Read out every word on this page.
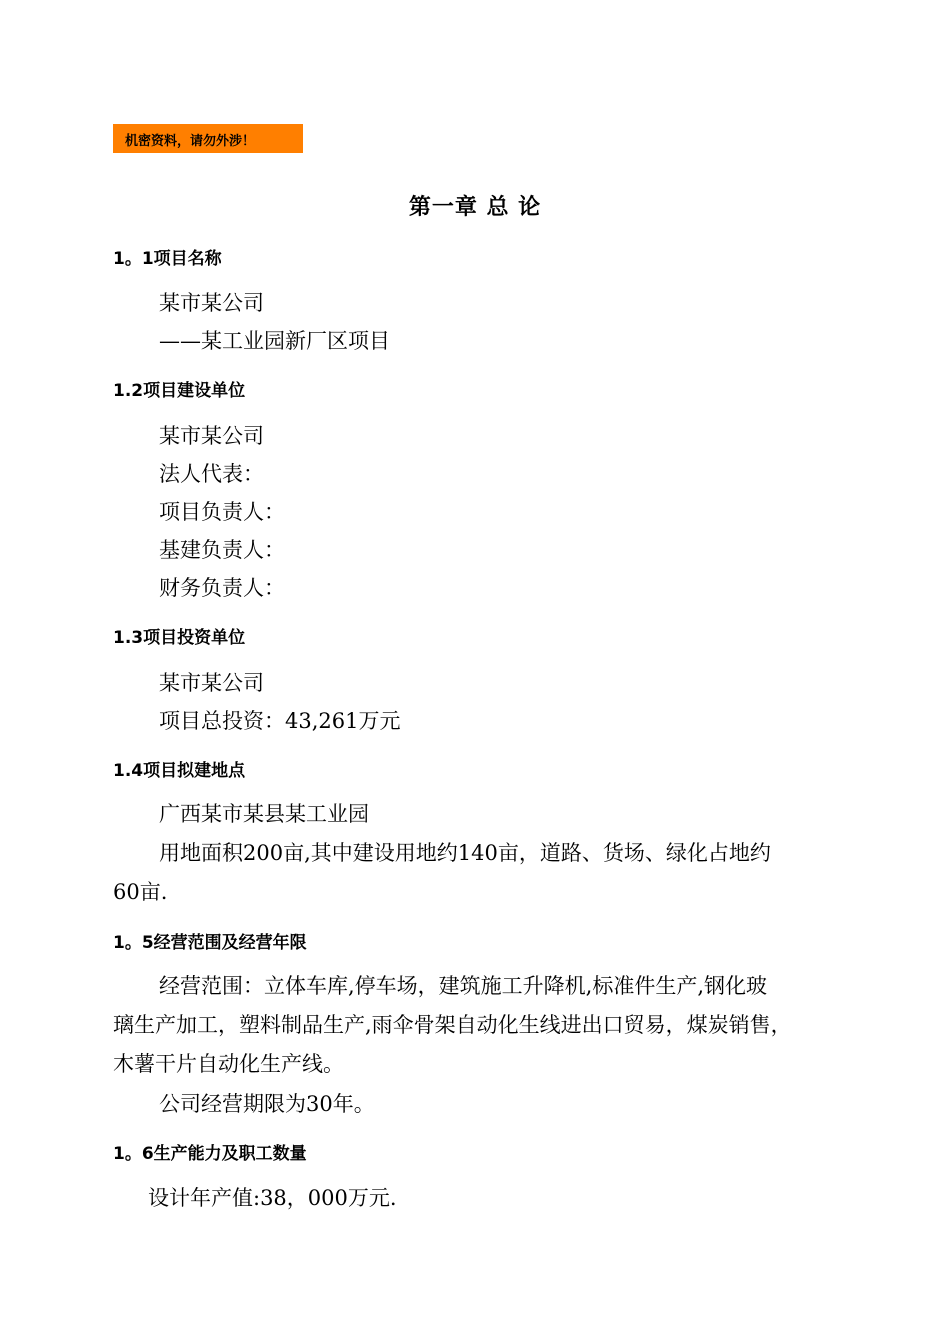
机密资料，请勿外涉！
第一章 总 论
1。1项目名称
某市某公司
——某工业园新厂区项目
1.2项目建设单位
某市某公司
法人代表：
项目负责人：
基建负责人：
财务负责人：
1.3项目投资单位
某市某公司
项目总投资：43,261万元
1.4项目拟建地点
广西某市某县某工业园
用地面积200亩,其中建设用地约140亩，道路、货场、绿化占地约
60亩.
1。5经营范围及经营年限
经营范围：立体车库,停车场，建筑施工升降机,标准件生产,钢化玻
璃生产加工，塑料制品生产,雨伞骨架自动化生线进出口贸易，煤炭销售，
木薯干片自动化生产线。
公司经营期限为30年。
1。6生产能力及职工数量
设计年产值:38，000万元.
